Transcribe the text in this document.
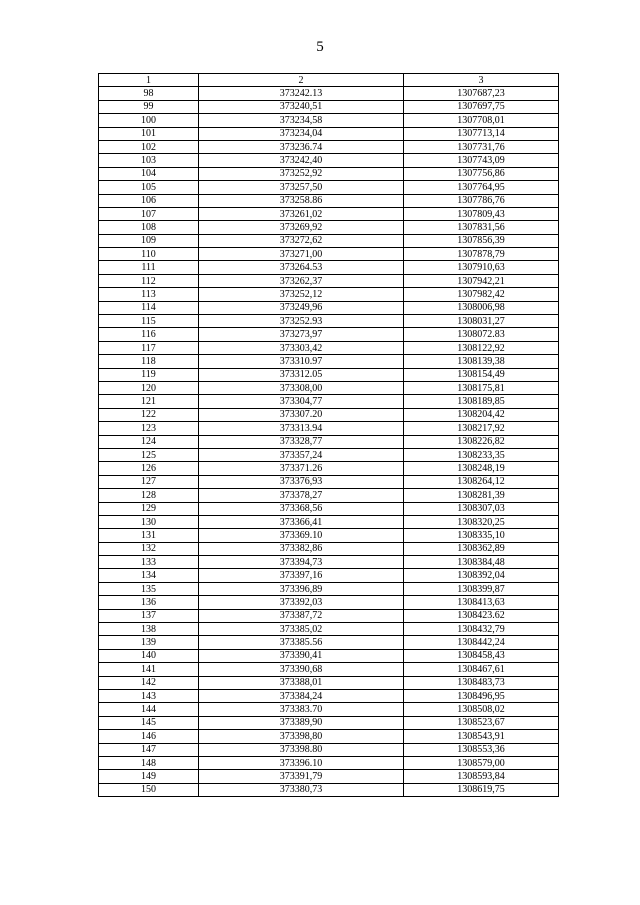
5
1	2	3
98	373242.13	1307687,23
99	373240,51	1307697,75
100	373234,58	1307708,01
101	373234,04	1307713,14
102	373236.74	1307731,76
103	373242,40	1307743,09
104	373252,92	1307756,86
105	373257,50	1307764,95
106	373258.86	1307786,76
107	373261,02	1307809,43
108	373269,92	1307831,56
109	373272,62	1307856,39
110	373271,00	1307878,79
111	373264.53	1307910,63
112	373262,37	1307942,21
113	373252,12	1307982,42
114	373249,96	1308006,98
115	373252.93	1308031,27
116	373273,97	1308072.83
117	373303,42	1308122,92
118	373310.97	1308139,38
119	373312.05	1308154,49
120	373308,00	1308175,81
121	373304,77	1308189,85
122	373307.20	1308204,42
123	373313.94	1308217,92
124	373328,77	1308226,82
125	373357,24	1308233,35
126	373371.26	1308248,19
127	373376,93	1308264,12
128	373378,27	1308281,39
129	373368,56	1308307,03
130	373366,41	1308320,25
131	373369.10	1308335,10
132	373382,86	1308362,89
133	373394,73	1308384,48
134	373397,16	1308392,04
135	373396,89	1308399,87
136	373392,03	1308413,63
137	373387,72	1308423.62
138	373385,02	1308432,79
139	373385.56	1308442,24
140	373390,41	1308458,43
141	373390,68	1308467,61
142	373388,01	1308483,73
143	373384,24	1308496,95
144	373383.70	1308508,02
145	373389,90	1308523,67
146	373398,80	1308543,91
147	373398.80	1308553,36
148	373396.10	1308579,00
149	373391,79	1308593,84
150	373380,73	1308619,75
